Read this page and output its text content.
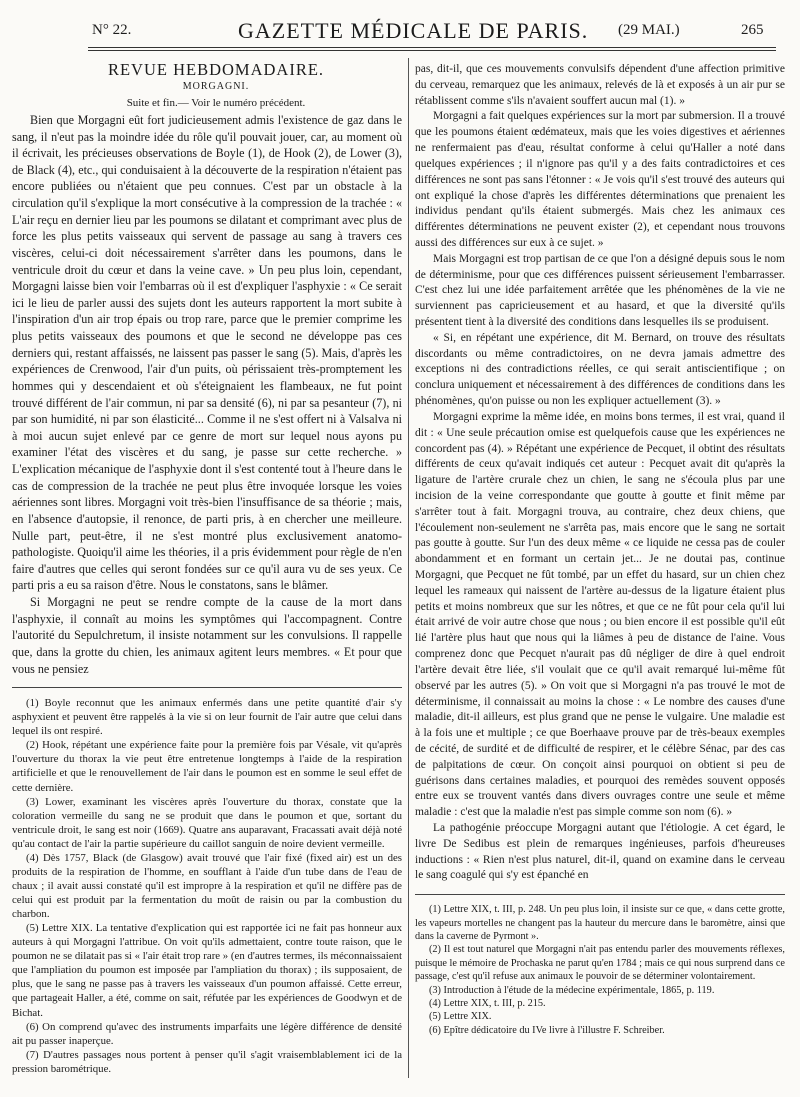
N° 22.	GAZETTE MÉDICALE DE PARIS. (29 MAI.)	265

REVUE HEBDOMADAIRE.

MORGAGNI.

Suite et fin.— Voir le numéro précédent.

Bien que Morgagni eût fort judicieusement admis l'existence de gaz dans le sang, il n'eut pas la moindre idée du rôle qu'il pouvait jouer, car, au moment où il écrivait, les précieuses observations de Boyle (1), de Hook (2), de Lower (3), de Black (4), etc., qui conduisaient à la découverte de la respiration n'étaient pas encore publiées ou n'étaient que peu connues. C'est par un obstacle à la circulation qu'il s'explique la mort consécutive à la compression de la trachée : « L'air reçu en dernier lieu par les poumons se dilatant et comprimant avec plus de force les plus petits vaisseaux qui servent de passage au sang à travers ces viscères, celui-ci doit nécessairement s'arrêter dans les poumons, dans le ventricule droit du cœur et dans la veine cave. » Un peu plus loin, cependant, Morgagni laisse bien voir l'embarras où il est d'expliquer l'asphyxie : « Ce serait ici le lieu de parler aussi des sujets dont les auteurs rapportent la mort subite à l'inspiration d'un air trop épais ou trop rare, parce que le premier comprime les plus petits vaisseaux des poumons et que le second ne développe pas ces derniers qui, restant affaissés, ne laissent pas passer le sang (5). Mais, d'après les expériences de Crenwood, l'air d'un puits, où périssaient très-promptement les hommes qui y descendaient et où s'éteignaient les flambeaux, ne fut point trouvé différent de l'air commun, ni par sa densité (6), ni par sa pesanteur (7), ni par son humidité, ni par son élasticité... Comme il ne s'est offert ni à Valsalva ni à moi aucun sujet enlevé par ce genre de mort sur lequel nous ayons pu examiner l'état des viscères et du sang, je passe sur cette recherche. » L'explication mécanique de l'asphyxie dont il s'est contenté tout à l'heure dans le cas de compression de la trachée ne peut plus être invoquée lorsque les voies aériennes sont libres. Morgagni voit très-bien l'insuffisance de sa théorie ; mais, en l'absence d'autopsie, il renonce, de parti pris, à en chercher une meilleure. Nulle part, peut-être, il ne s'est montré plus exclusivement anatomo-pathologiste. Quoiqu'il aime les théories, il a pris évidemment pour règle de n'en faire d'autres que celles qui seront fondées sur ce qu'il aura vu de ses yeux. Ce parti pris a eu sa raison d'être. Nous le constatons, sans le blâmer.

Si Morgagni ne peut se rendre compte de la cause de la mort dans l'asphyxie, il connaît au moins les symptômes qui l'accompagnent. Contre l'autorité du Sepulchretum, il insiste notamment sur les convulsions. Il rappelle que, dans la grotte du chien, les animaux agitent leurs membres. « Et pour que vous ne pensiez

(1) Boyle reconnut que les animaux enfermés dans une petite quantité d'air s'y asphyxient et peuvent être rappelés à la vie si on leur fournit de l'air autre que celui dans lequel ils ont respiré.

(2) Hook, répétant une expérience faite pour la première fois par Vésale, vit qu'après l'ouverture du thorax la vie peut être entretenue longtemps à l'aide de la respiration artificielle et que le renouvellement de l'air dans le poumon est en somme le seul effet de cette dernière.

(3) Lower, examinant les viscères après l'ouverture du thorax, constate que la coloration vermeille du sang ne se produit que dans le poumon et que, sortant du ventricule droit, le sang est noir (1669). Quatre ans auparavant, Fracassati avait déjà noté qu'au contact de l'air la partie supérieure du caillot sanguin de noire devient vermeille.

(4) Dès 1757, Black (de Glasgow) avait trouvé que l'air fixé (fixed air) est un des produits de la respiration de l'homme, en soufflant à l'aide d'un tube dans de l'eau de chaux ; il avait aussi constaté qu'il est impropre à la respiration et qu'il ne diffère pas de celui qui est produit par la fermentation du moût de raisin ou par la combustion du charbon.

(5) Lettre XIX. La tentative d'explication qui est rapportée ici ne fait pas honneur aux auteurs à qui Morgagni l'attribue. On voit qu'ils admettaient, contre toute raison, que le poumon ne se dilatait pas si « l'air était trop rare » (en d'autres termes, ils méconnaissaient que l'ampliation du poumon est imposée par l'ampliation du thorax) ; ils supposaient, de plus, que le sang ne passe pas à travers les vaisseaux d'un poumon affaissé. Cette erreur, que partageait Haller, a été, comme on sait, réfutée par les expériences de Goodwyn et de Bichat.

(6) On comprend qu'avec des instruments imparfaits une légère différence de densité ait pu passer inaperçue.

(7) D'autres passages nous portent à penser qu'il s'agit vraisemblablement ici de la pression barométrique.

pas, dit-il, que ces mouvements convulsifs dépendent d'une affection primitive du cerveau, remarquez que les animaux, relevés de là et exposés à un air pur se rétablissent comme s'ils n'avaient souffert aucun mal (1). »

Morgagni a fait quelques expériences sur la mort par submersion. Il a trouvé que les poumons étaient œdémateux, mais que les voies digestives et aériennes ne renfermaient pas d'eau, résultat conforme à celui qu'Haller a noté dans quelques expériences ; il n'ignore pas qu'il y a des faits contradictoires et ces différences ne sont pas sans l'étonner : « Je vois qu'il s'est trouvé des auteurs qui ont expliqué la chose d'après les différentes déterminations que prenaient les individus pendant qu'ils étaient submergés. Mais chez les animaux ces différentes déterminations ne peuvent exister (2), et cependant nous trouvons aussi des différences sur eux à ce sujet. »

Mais Morgagni est trop partisan de ce que l'on a désigné depuis sous le nom de déterminisme, pour que ces différences puissent sérieusement l'embarrasser. C'est chez lui une idée parfaitement arrêtée que les phénomènes de la vie ne surviennent pas capricieusement et au hasard, et que la diversité qu'ils présentent tient à la diversité des conditions dans lesquelles ils se produisent.

« Si, en répétant une expérience, dit M. Bernard, on trouve des résultats discordants ou même contradictoires, on ne devra jamais admettre des exceptions ni des contradictions réelles, ce qui serait antiscientifique ; on conclura uniquement et nécessairement à des différences de conditions dans les phénomènes, qu'on puisse ou non les expliquer actuellement (3). »

Morgagni exprime la même idée, en moins bons termes, il est vrai, quand il dit : « Une seule précaution omise est quelquefois cause que les expériences ne concordent pas (4). » Répétant une expérience de Pecquet, il obtint des résultats différents de ceux qu'avait indiqués cet auteur : Pecquet avait dit qu'après la ligature de l'artère crurale chez un chien, le sang ne s'écoula plus par une incision de la veine correspondante que goutte à goutte et finit même par s'arrêter tout à fait. Morgagni trouva, au contraire, chez deux chiens, que l'écoulement non-seulement ne s'arrêta pas, mais encore que le sang ne sortait pas goutte à goutte. Sur l'un des deux même « ce liquide ne cessa pas de couler abondamment et en formant un certain jet... Je ne doutai pas, continue Morgagni, que Pecquet ne fût tombé, par un effet du hasard, sur un chien chez lequel les rameaux qui naissent de l'artère au-dessus de la ligature étaient plus petits et moins nombreux que sur les nôtres, et que ce ne fût pour cela qu'il lui était arrivé de voir autre chose que nous ; ou bien encore il est possible qu'il eût lié l'artère plus haut que nous qui la liâmes à peu de distance de l'aine. Vous comprenez donc que Pecquet n'aurait pas dû négliger de dire à quel endroit l'artère devait être liée, s'il voulait que ce qu'il avait remarqué lui-même fût observé par les autres (5). » On voit que si Morgagni n'a pas trouvé le mot de déterminisme, il connaissait au moins la chose : « Le nombre des causes d'une maladie, dit-il ailleurs, est plus grand que ne pense le vulgaire. Une maladie est à la fois une et multiple ; ce que Boerhaave prouve par de très-beaux exemples de cécité, de surdité et de difficulté de respirer, et le célèbre Sénac, par des cas de palpitations de cœur. On conçoit ainsi pourquoi on obtient si peu de guérisons dans certaines maladies, et pourquoi des remèdes souvent opposés entre eux se trouvent vantés dans divers ouvrages contre une seule et même maladie : c'est que la maladie n'est pas simple comme son nom (6). »

La pathogénie préoccupe Morgagni autant que l'étiologie. A cet égard, le livre De Sedibus est plein de remarques ingénieuses, parfois d'heureuses inductions : « Rien n'est plus naturel, dit-il, quand on examine dans le cerveau le sang coagulé qui s'y est épanché en

(1) Lettre XIX, t. III, p. 248. Un peu plus loin, il insiste sur ce que, « dans cette grotte, les vapeurs mortelles ne changent pas la hauteur du mercure dans le baromètre, ainsi que dans la caverne de Pyrmont ».

(2) Il est tout naturel que Morgagni n'ait pas entendu parler des mouvements réflexes, puisque le mémoire de Prochaska ne parut qu'en 1784 ; mais ce qui nous surprend dans ce passage, c'est qu'il refuse aux animaux le pouvoir de se déterminer volontairement.

(3) Introduction à l'étude de la médecine expérimentale, 1865, p. 119.

(4) Lettre XIX, t. III, p. 215.

(5) Lettre XIX.

(6) Epître dédicatoire du IVe livre à l'illustre F. Schreiber.
